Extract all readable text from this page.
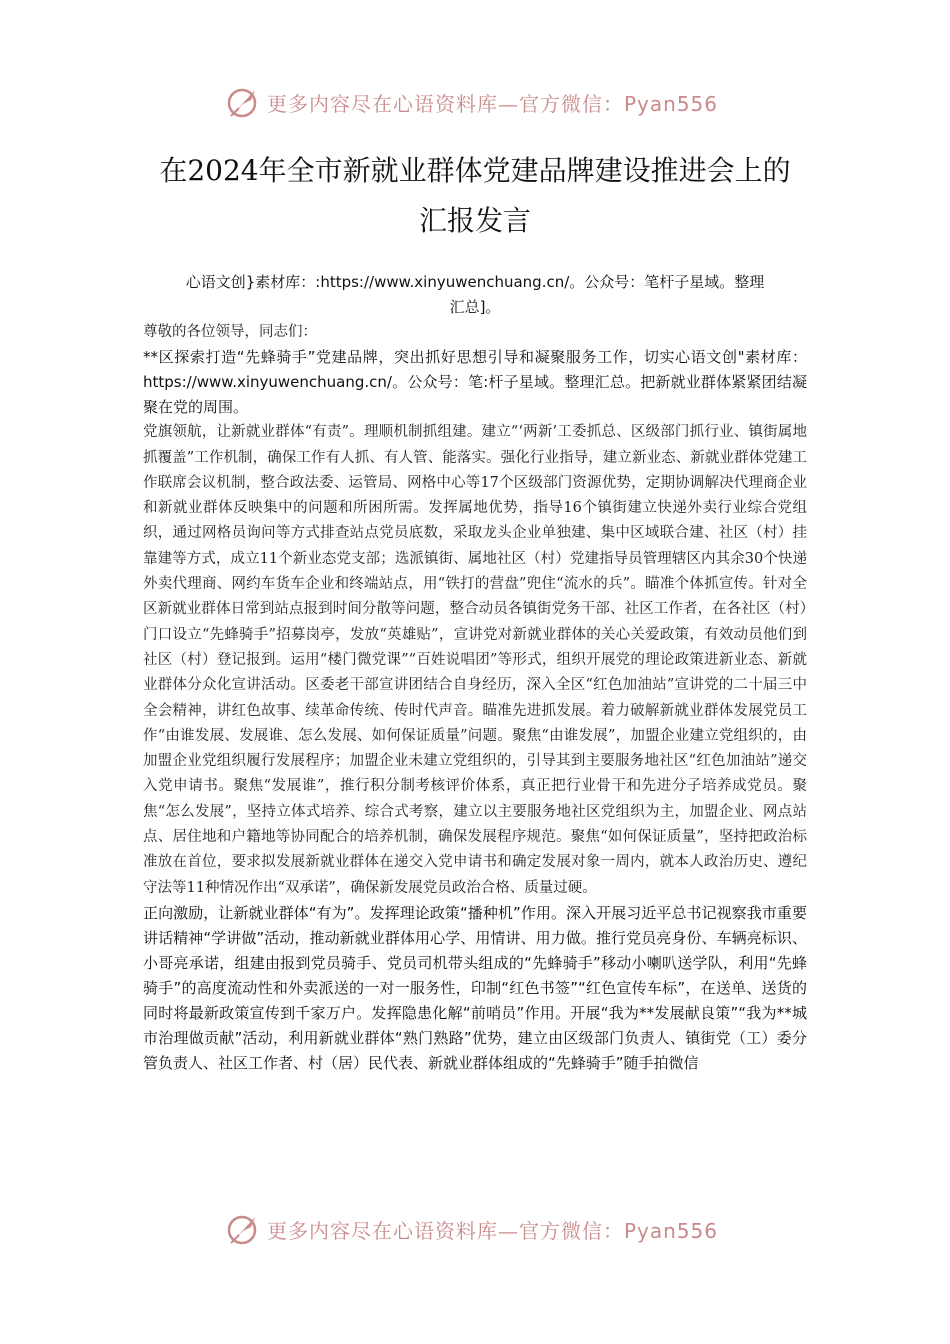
更多内容尽在心语资料库—官方微信：Pyan556
在2024年全市新就业群体党建品牌建设推进会上的
汇报发言
心语文创}素材库：:https://www.xinyuwenchuang.cn/。公众号：笔杆子星域。整理
汇总]。

尊敬的各位领导，同志们：

**区探索打造“先蜂骑手”党建品牌，突出抓好思想引导和凝聚服务工作，切实心语文创"素材库：https://www.xinyuwenchuang.cn/。公众号：笔:杆子星域。整理汇总。把新就业群体紧紧团结凝聚在党的周围。

党旗领航，让新就业群体“有责”。理顺机制抓组建。建立“‘两新’工委抓总、区级部门抓行业、镇街属地抓覆盖”工作机制，确保工作有人抓、有人管、能落实。强化行业指导，建立新业态、新就业群体党建工作联席会议机制，整合政法委、运管局、网格中心等17个区级部门资源优势，定期协调解决代理商企业和新就业群体反映集中的问题和所困所需。发挥属地优势，指导16个镇街建立快递外卖行业综合党组织，通过网格员询问等方式排查站点党员底数，采取龙头企业单独建、集中区域联合建、社区（村）挂靠建等方式，成立11个新业态党支部；选派镇街、属地社区（村）党建指导员管理辖区内其余30个快递外卖代理商、网约车货车企业和终端站点，用“铁打的营盘”兜住“流水的兵”。瞄准个体抓宣传。针对全区新就业群体日常到站点报到时间分散等问题，整合动员各镇街党务干部、社区工作者，在各社区（村）门口设立“先蜂骑手”招募岗亭，发放“英雄贴”，宣讲党对新就业群体的关心关爱政策，有效动员他们到社区（村）登记报到。运用“楼门微党课”“百姓说唱团”等形式，组织开展党的理论政策进新业态、新就业群体分众化宣讲活动。区委老干部宣讲团结合自身经历，深入全区“红色加油站”宣讲党的二十届三中全会精神，讲红色故事、续革命传统、传时代声音。瞄准先进抓发展。着力破解新就业群体发展党员工作“由谁发展、发展谁、怎么发展、如何保证质量”问题。聚焦“由谁发展”，加盟企业建立党组织的，由加盟企业党组织履行发展程序；加盟企业未建立党组织的，引导其到主要服务地社区“红色加油站”递交入党申请书。聚焦“发展谁”，推行积分制考核评价体系，真正把行业骨干和先进分子培养成党员。聚焦“怎么发展”，坚持立体式培养、综合式考察，建立以主要服务地社区党组织为主，加盟企业、网点站点、居住地和户籍地等协同配合的培养机制，确保发展程序规范。聚焦“如何保证质量”，坚持把政治标准放在首位，要求拟发展新就业群体在递交入党申请书和确定发展对象一周内，就本人政治历史、遵纪守法等11种情况作出“双承诺”，确保新发展党员政治合格、质量过硬。

正向激励，让新就业群体“有为”。发挥理论政策“播种机”作用。深入开展习近平总书记视察我市重要讲话精神“学讲做”活动，推动新就业群体用心学、用情讲、用力做。推行党员亮身份、车辆亮标识、小哥亮承诺，组建由报到党员骑手、党员司机带头组成的“先蜂骑手”移动小喇叭送学队，利用“先蜂骑手”的高度流动性和外卖派送的一对一服务性，印制“红色书签”“红色宣传车标”，在送单、送货的同时将最新政策宣传到千家万户。发挥隐患化解“前哨员”作用。开展“我为**发展献良策”“我为**城市治理做贡献”活动，利用新就业群体“熟门熟路”优势，建立由区级部门负责人、镇街党（工）委分管负责人、社区工作者、村（居）民代表、新就业群体组成的“先蜂骑手”随手拍微信

更多内容尽在心语资料库—官方微信：Pyan556
